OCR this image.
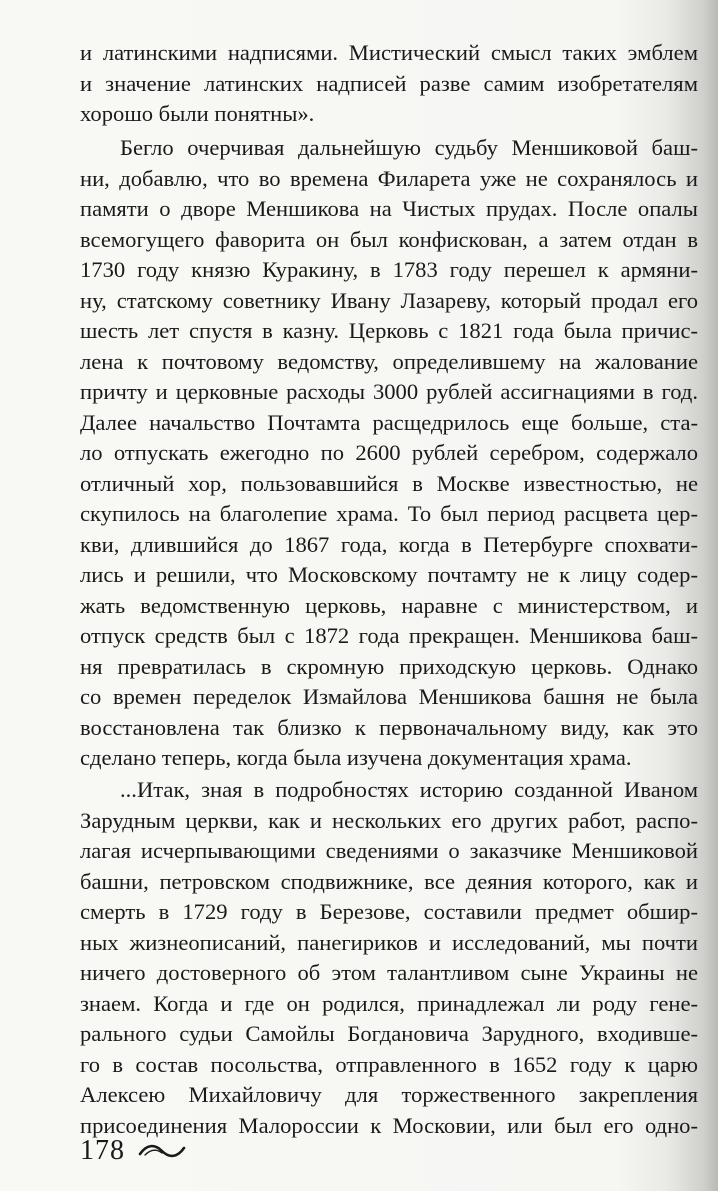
и латинскими надписями. Мистический смысл таких эмблем
и значение латинских надписей разве самим изобретателям
хорошо были понятны».
Бегло очерчивая дальнейшую судьбу Меншиковой баш-
ни, добавлю, что во времена Филарета уже не сохранялось и
памяти о дворе Меншикова на Чистых прудах. После опалы
всемогущего фаворита он был конфискован, а затем отдан в
1730 году князю Куракину, в 1783 году перешел к армяни-
ну, статскому советнику Ивану Лазареву, который продал его
шесть лет спустя в казну. Церковь с 1821 года была причис-
лена к почтовому ведомству, определившему на жалование
причту и церковные расходы 3000 рублей ассигнациями в год.
Далее начальство Почтамта расщедрилось еще больше, ста-
ло отпускать ежегодно по 2600 рублей серебром, содержало
отличный хор, пользовавшийся в Москве известностью, не
скупилось на благолепие храма. То был период расцвета цер-
кви, длившийся до 1867 года, когда в Петербурге спохвати-
лись и решили, что Московскому почтамту не к лицу содер-
жать ведомственную церковь, наравне с министерством, и
отпуск средств был с 1872 года прекращен. Меншикова баш-
ня превратилась в скромную приходскую церковь. Однако
со времен переделок Измайлова Меншикова башня не была
восстановлена так близко к первоначальному виду, как это
сделано теперь, когда была изучена документация храма.
...Итак, зная в подробностях историю созданной Иваном
Зарудным церкви, как и нескольких его других работ, распо-
лагая исчерпывающими сведениями о заказчике Меншиковой
башни, петровском сподвижнике, все деяния которого, как и
смерть в 1729 году в Березове, составили предмет обшир-
ных жизнеописаний, панегириков и исследований, мы почти
ничего достоверного об этом талантливом сыне Украины не
знаем. Когда и где он родился, принадлежал ли роду гене-
рального судьи Самойлы Богдановича Зарудного, входивше-
го в состав посольства, отправленного в 1652 году к царю
Алексею Михайловичу для торжественного закрепления
присоединения Малороссии к Московии, или был его одно-
178
